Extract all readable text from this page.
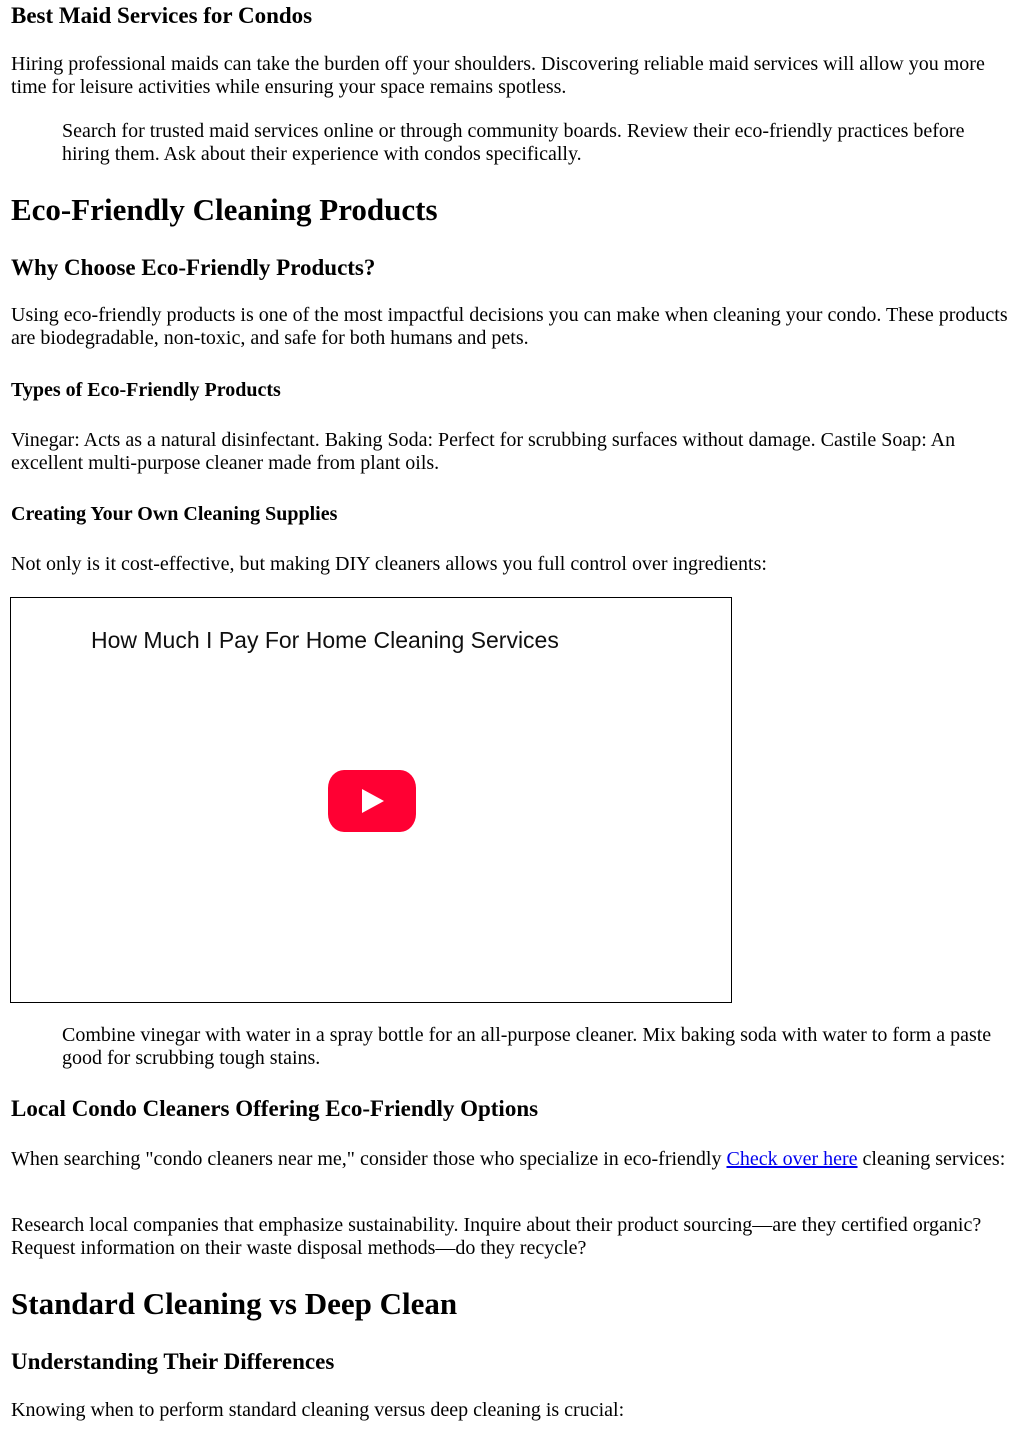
Best Maid Services for Condos

Hiring professional maids can take the burden off your shoulders. Discovering reliable maid services will allow you more time for leisure activities while ensuring your space remains spotless.

Search for trusted maid services online or through community boards. Review their eco-friendly practices before hiring them. Ask about their experience with condos specifically.

Eco-Friendly Cleaning Products
Why Choose Eco-Friendly Products?

Using eco-friendly products is one of the most impactful decisions you can make when cleaning your condo. These products are biodegradable, non-toxic, and safe for both humans and pets.

Types of Eco-Friendly Products

Vinegar: Acts as a natural disinfectant. Baking Soda: Perfect for scrubbing surfaces without damage. Castile Soap: An excellent multi-purpose cleaner made from plant oils.

Creating Your Own Cleaning Supplies

Not only is it cost-effective, but making DIY cleaners allows you full control over ingredients:

How Much I Pay For Home Cleaning Services

Combine vinegar with water in a spray bottle for an all-purpose cleaner. Mix baking soda with water to form a paste good for scrubbing tough stains.

Local Condo Cleaners Offering Eco-Friendly Options

When searching "condo cleaners near me," consider those who specialize in eco-friendly Check over here cleaning services:

Research local companies that emphasize sustainability. Inquire about their product sourcing—are they certified organic? Request information on their waste disposal methods—do they recycle?

Standard Cleaning vs Deep Clean
Understanding Their Differences

Knowing when to perform standard cleaning versus deep cleaning is crucial:
